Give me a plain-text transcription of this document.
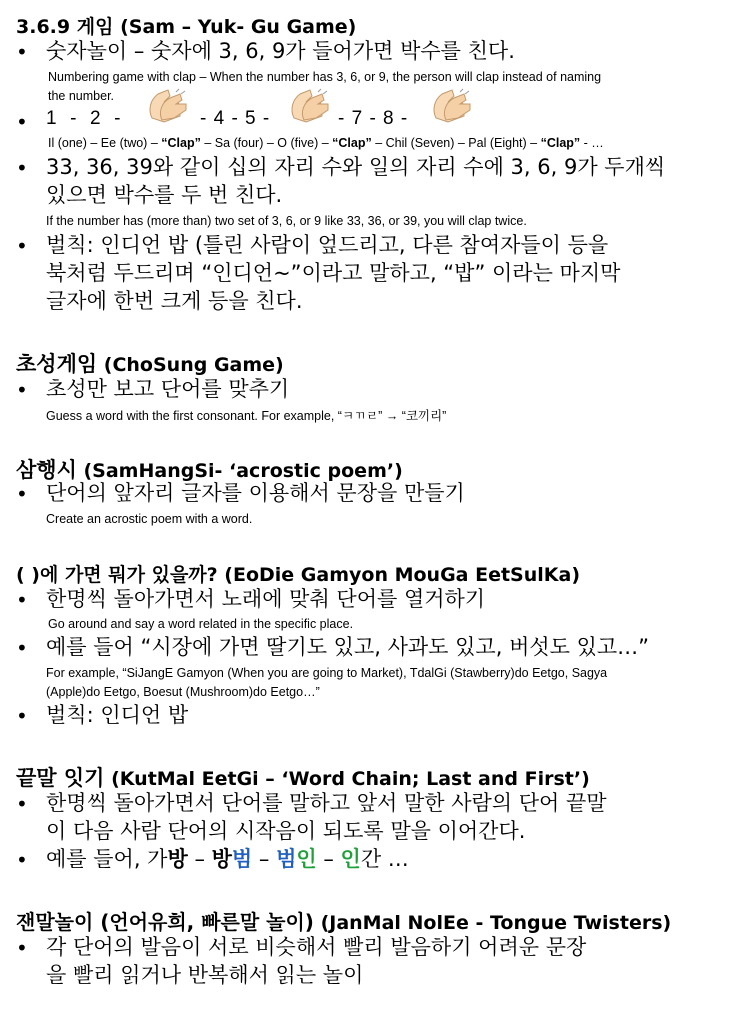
3.6.9 게임 (Sam – Yuk- Gu Game)
• 숫자놀이 – 숫자에 3, 6, 9가 들어가면 박수를 친다.
Numbering game with clap – When the number has 3, 6, or 9, the person will clap instead of naming
the number.
• 1 - 2 -	- 4 - 5 -	- 7 - 8 -
Il (one) – Ee (two) – “Clap” – Sa (four) – O (five) – “Clap” – Chil (Seven) – Pal (Eight) – “Clap” - …
• 33, 36, 39와 같이 십의 자리 수와 일의 자리 수에 3, 6, 9가 두개씩
있으면 박수를 두 번 친다.
If the number has (more than) two set of 3, 6, or 9 like 33, 36, or 39, you will clap twice.
• 벌칙: 인디언 밥 (틀린 사람이 엎드리고, 다른 참여자들이 등을
북처럼 두드리며 “인디언~”이라고 말하고, “밥” 이라는 마지막
글자에 한번 크게 등을 친다.
초성게임 (ChoSung Game)
• 초성만 보고 단어를 맞추기
Guess a word with the first consonant. For example, “ㅋㄲㄹ” → “코끼리”
삼행시 (SamHangSi- ‘acrostic poem’)
• 단어의 앞자리 글자를 이용해서 문장을 만들기
Create an acrostic poem with a word.
( )에 가면 뭐가 있을까? (EoDie Gamyon MouGa EetSulKa)
• 한명씩 돌아가면서 노래에 맞춰 단어를 열거하기
Go around and say a word related in the specific place.
• 예를 들어 “시장에 가면 딸기도 있고, 사과도 있고, 버섯도 있고…”
For example, “SiJangE Gamyon (When you are going to Market), TdalGi (Stawberry)do Eetgo, Sagya
(Apple)do Eetgo, Boesut (Mushroom)do Eetgo…”
• 벌칙: 인디언 밥
끝말 잇기 (KutMal EetGi – ‘Word Chain; Last and First’)
• 한명씩 돌아가면서 단어를 말하고 앞서 말한 사람의 단어 끝말
이 다음 사람 단어의 시작음이 되도록 말을 이어간다.
• 예를 들어, 가방 – 방범 – 범인 – 인간 …
잰말놀이 (언어유희, 빠른말 놀이) (JanMal NolEe - Tongue Twisters)
• 각 단어의 발음이 서로 비슷해서 빨리 발음하기 어려운 문장
을 빨리 읽거나 반복해서 읽는 놀이
